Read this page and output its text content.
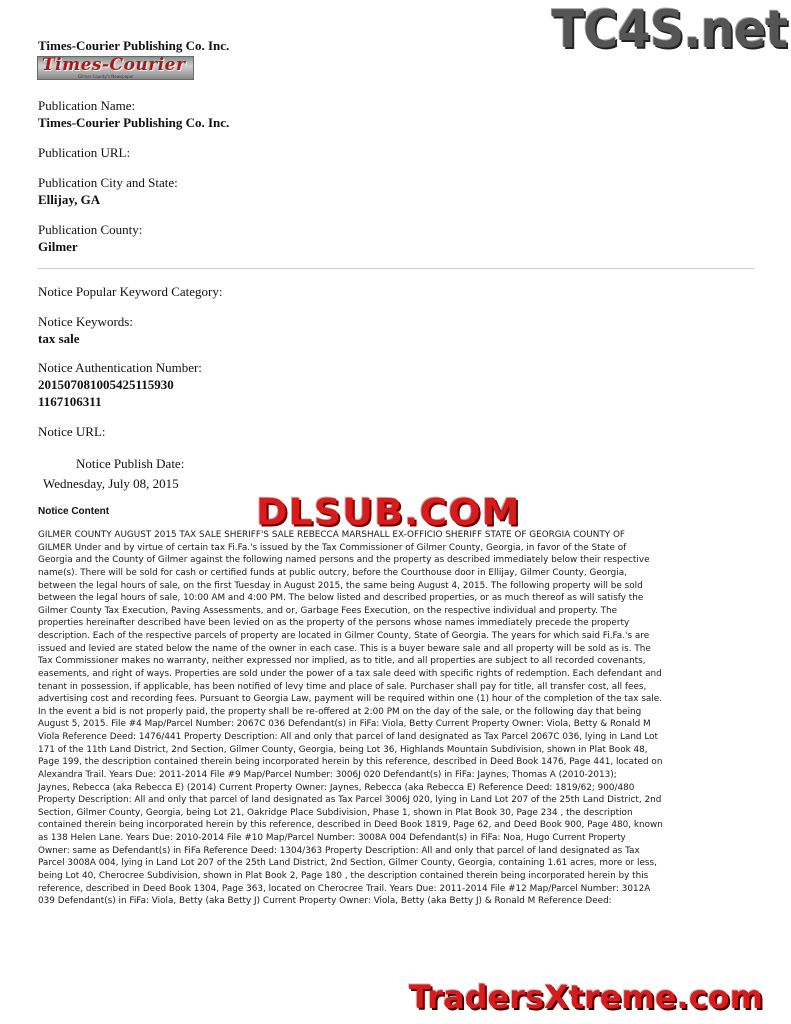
TC4S.net
Times-Courier Publishing Co. Inc.
Times-Courier
Gilmer County's Newspaper
Publication Name:
Times-Courier Publishing Co. Inc.
Publication URL:
Publication City and State:
Ellijay, GA
Publication County:
Gilmer
Notice Popular Keyword Category:
Notice Keywords:
tax sale
Notice Authentication Number:
201507081005425115930
1167106311
Notice URL:
Notice Publish Date:
Wednesday, July 08, 2015
Notice Content
GILMER COUNTY AUGUST 2015 TAX SALE SHERIFF'S SALE REBECCA MARSHALL EX-OFFICIO SHERIFF STATE OF GEORGIA COUNTY OF
GILMER Under and by virtue of certain tax Fi.Fa.'s issued by the Tax Commissioner of Gilmer County, Georgia, in favor of the State of
Georgia and the County of Gilmer against the following named persons and the property as described immediately below their respective
name(s). There will be sold for cash or certified funds at public outcry, before the Courthouse door in Ellijay, Gilmer County, Georgia,
between the legal hours of sale, on the first Tuesday in August 2015, the same being August 4, 2015. The following property will be sold
between the legal hours of sale, 10:00 AM and 4:00 PM. The below listed and described properties, or as much thereof as will satisfy the
Gilmer County Tax Execution, Paving Assessments, and or, Garbage Fees Execution, on the respective individual and property. The
properties hereinafter described have been levied on as the property of the persons whose names immediately precede the property
description. Each of the respective parcels of property are located in Gilmer County, State of Georgia. The years for which said Fi.Fa.'s are
issued and levied are stated below the name of the owner in each case. This is a buyer beware sale and all property will be sold as is. The
Tax Commissioner makes no warranty, neither expressed nor implied, as to title, and all properties are subject to all recorded covenants,
easements, and right of ways. Properties are sold under the power of a tax sale deed with specific rights of redemption. Each defendant and
tenant in possession, if applicable, has been notified of levy time and place of sale. Purchaser shall pay for title, all transfer cost, all fees,
advertising cost and recording fees. Pursuant to Georgia Law, payment will be required within one (1) hour of the completion of the tax sale.
In the event a bid is not properly paid, the property shall be re-offered at 2:00 PM on the day of the sale, or the following day that being
August 5, 2015. File #4 Map/Parcel Number: 2067C 036 Defendant(s) in FiFa: Viola, Betty Current Property Owner: Viola, Betty & Ronald M
Viola Reference Deed: 1476/441 Property Description: All and only that parcel of land designated as Tax Parcel 2067C 036, lying in Land Lot
171 of the 11th Land District, 2nd Section, Gilmer County, Georgia, being Lot 36, Highlands Mountain Subdivision, shown in Plat Book 48,
Page 199, the description contained therein being incorporated herein by this reference, described in Deed Book 1476, Page 441, located on
Alexandra Trail. Years Due: 2011-2014 File #9 Map/Parcel Number: 3006J 020 Defendant(s) in FiFa: Jaynes, Thomas A (2010-2013);
Jaynes, Rebecca (aka Rebecca E) (2014) Current Property Owner: Jaynes, Rebecca (aka Rebecca E) Reference Deed: 1819/62; 900/480
Property Description: All and only that parcel of land designated as Tax Parcel 3006J 020, lying in Land Lot 207 of the 25th Land District, 2nd
Section, Gilmer County, Georgia, being Lot 21, Oakridge Place Subdivision, Phase 1, shown in Plat Book 30, Page 234 , the description
contained therein being incorporated herein by this reference, described in Deed Book 1819, Page 62, and Deed Book 900, Page 480, known
as 138 Helen Lane. Years Due: 2010-2014 File #10 Map/Parcel Number: 3008A 004 Defendant(s) in FiFa: Noa, Hugo Current Property
Owner: same as Defendant(s) in FiFa Reference Deed: 1304/363 Property Description: All and only that parcel of land designated as Tax
Parcel 3008A 004, lying in Land Lot 207 of the 25th Land District, 2nd Section, Gilmer County, Georgia, containing 1.61 acres, more or less,
being Lot 40, Cherocree Subdivision, shown in Plat Book 2, Page 180 , the description contained therein being incorporated herein by this
reference, described in Deed Book 1304, Page 363, located on Cherocree Trail. Years Due: 2011-2014 File #12 Map/Parcel Number: 3012A
039 Defendant(s) in FiFa: Viola, Betty (aka Betty J) Current Property Owner: Viola, Betty (aka Betty J) & Ronald M Reference Deed:
DLSUB.COM
TradersXtreme.com
